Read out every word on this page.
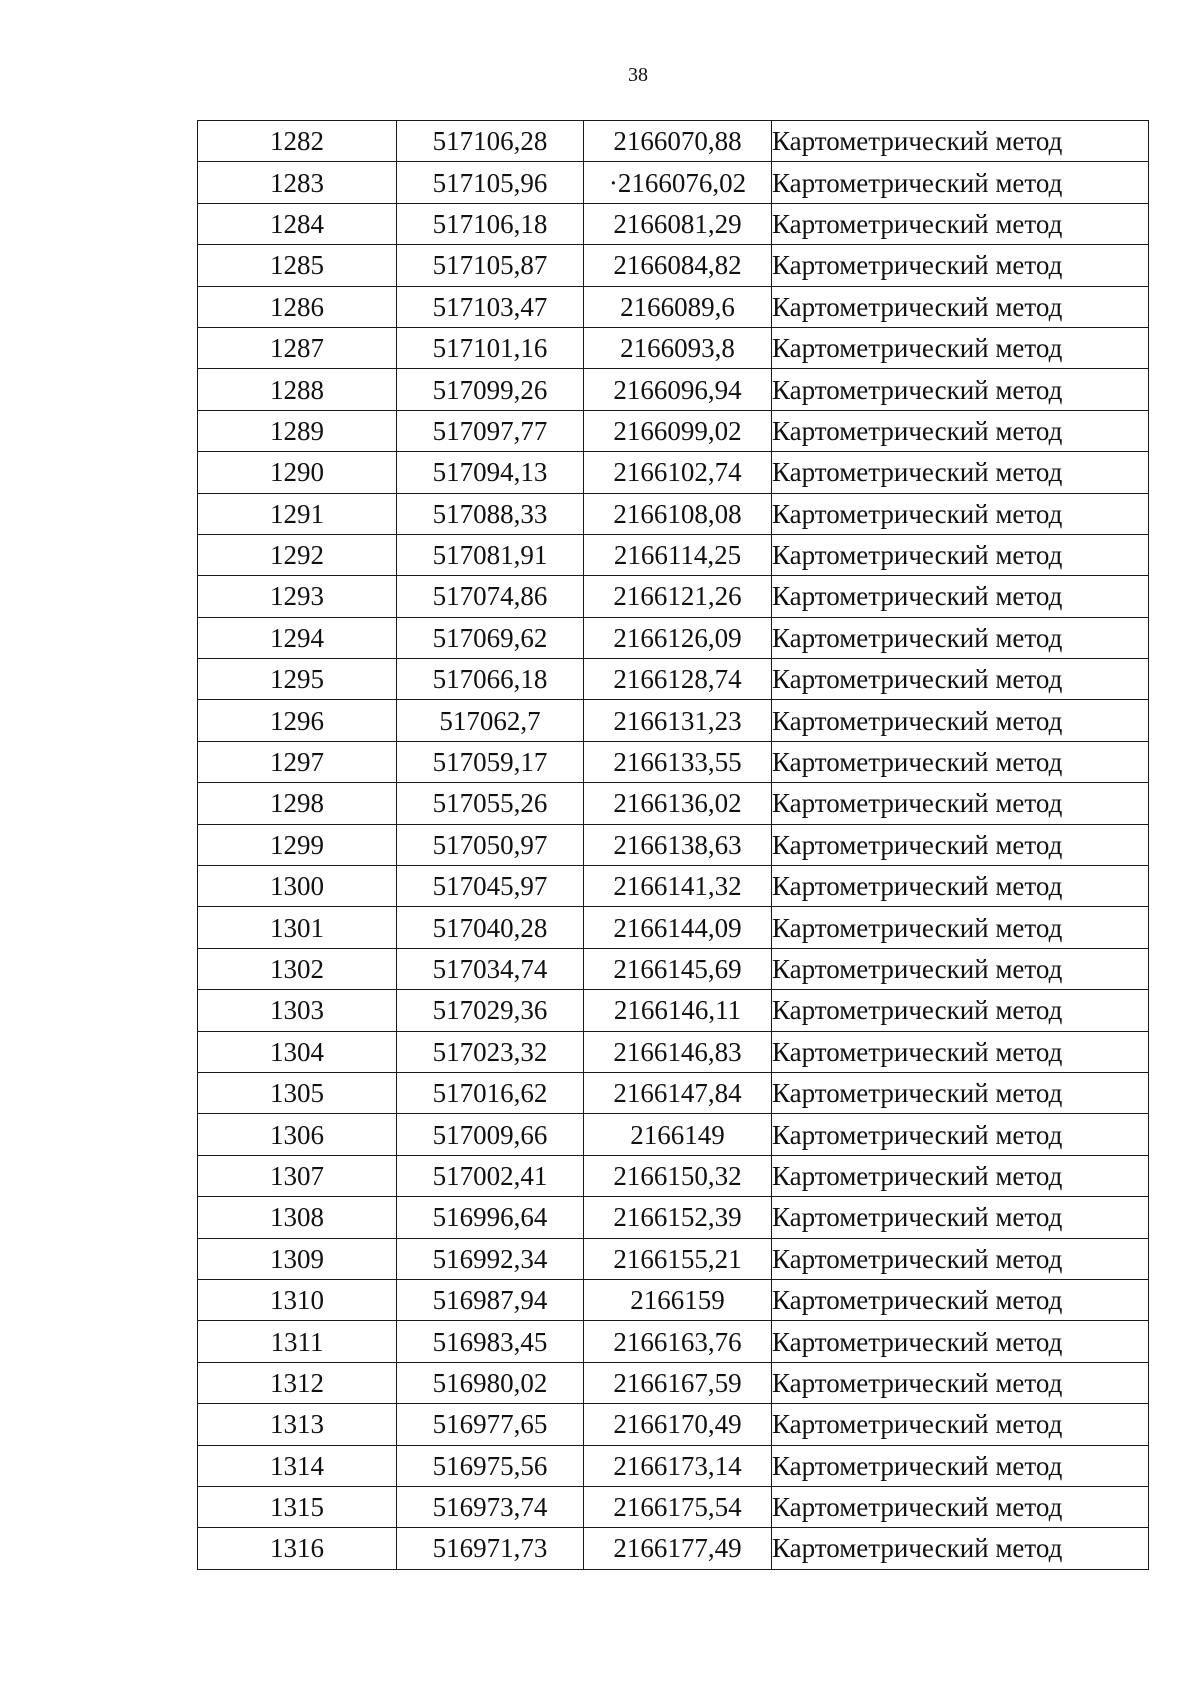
38
1282	517106,28	2166070,88	Картометрический метод
1283	517105,96	·2166076,02	Картометрический метод
1284	517106,18	2166081,29	Картометрический метод
1285	517105,87	2166084,82	Картометрический метод
1286	517103,47	2166089,6	Картометрический метод
1287	517101,16	2166093,8	Картометрический метод
1288	517099,26	2166096,94	Картометрический метод
1289	517097,77	2166099,02	Картометрический метод
1290	517094,13	2166102,74	Картометрический метод
1291	517088,33	2166108,08	Картометрический метод
1292	517081,91	2166114,25	Картометрический метод
1293	517074,86	2166121,26	Картометрический метод
1294	517069,62	2166126,09	Картометрический метод
1295	517066,18	2166128,74	Картометрический метод
1296	517062,7	2166131,23	Картометрический метод
1297	517059,17	2166133,55	Картометрический метод
1298	517055,26	2166136,02	Картометрический метод
1299	517050,97	2166138,63	Картометрический метод
1300	517045,97	2166141,32	Картометрический метод
1301	517040,28	2166144,09	Картометрический метод
1302	517034,74	2166145,69	Картометрический метод
1303	517029,36	2166146,11	Картометрический метод
1304	517023,32	2166146,83	Картометрический метод
1305	517016,62	2166147,84	Картометрический метод
1306	517009,66	2166149	Картометрический метод
1307	517002,41	2166150,32	Картометрический метод
1308	516996,64	2166152,39	Картометрический метод
1309	516992,34	2166155,21	Картометрический метод
1310	516987,94	2166159	Картометрический метод
1311	516983,45	2166163,76	Картометрический метод
1312	516980,02	2166167,59	Картометрический метод
1313	516977,65	2166170,49	Картометрический метод
1314	516975,56	2166173,14	Картометрический метод
1315	516973,74	2166175,54	Картометрический метод
1316	516971,73	2166177,49	Картометрический метод
